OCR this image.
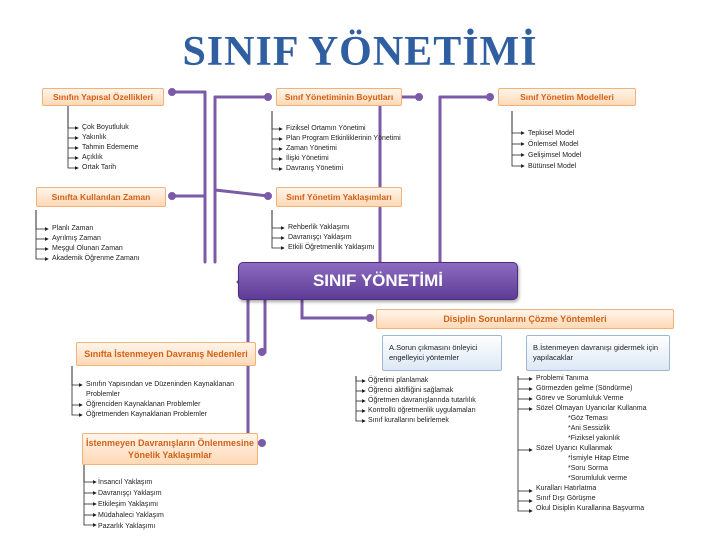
SINIF YÖNETİMİ
Sınıfın Yapısal Özellikleri
Çok Boyutluluk
Yakınlık
Tahmin Edememe
Açıklık
Ortak Tarih
Sınıfta Kullanılan Zaman
Planlı Zaman
Ayrılmış Zaman
Meşgul Olunan Zaman
Akademik Öğrenme Zamanı
Sınıf Yönetiminin Boyutları
Fiziksel Ortamın Yönetimi
Plan Program Etkinliklerinin Yönetimi
Zaman Yönetimi
İlişki Yönetimi
Davranış Yönetimi
Sınıf Yönetim Yaklaşımları
Rehberlik Yaklaşımı
Davranışçı Yaklaşım
Etkili Öğretmenlik Yaklaşımı
Sınıf Yönetim Modelleri
Tepkisel Model
Önlemsel Model
Gelişimsel Model
Bütünsel Model
SINIF YÖNETİMİ
Disiplin Sorunlarını Çözme Yöntemleri
A.Sorun çıkmasını önleyici engelleyici yöntemler
B.İstenmeyen davranışı gidermek için yapılacaklar
Öğretimi planlamak
Öğrenci aktifliğini sağlamak
Öğretmen davranışlarında tutarlılık
Kontrollü öğretmenlik uygulamaları
Sınıf kurallarını belirlemek
Problemi Tanıma
Görmezden gelme (Söndürme)
Görev ve Sorumluluk Verme
Sözel Olmayan Uyarıcılar Kullanma
*Göz Teması
*Ani Sessizlik
*Fiziksel yakınlık
Sözel Uyarıcı Kullanmak
*İsmiyle Hitap Etme
*Soru Sorma
*Sorumluluk verme
Kuralları Hatırlatma
Sınıf Dışı Görüşme
Okul Disiplin Kurallarına Başvurma
Sınıfta İstenmeyen Davranış Nedenleri
Sınıfın Yapısından ve Düzeninden Kaynaklanan Problemler
Öğrenciden Kaynaklanan Problemler
Öğretmenden Kaynaklanan Problemler
İstenmeyen Davranışların Önlenmesine Yönelik Yaklaşımlar
İnsancıl Yaklaşım
Davranışçı Yaklaşım
Etkileşim Yaklaşımı
Müdahaleci Yaklaşım
Pazarlık Yaklaşımı
